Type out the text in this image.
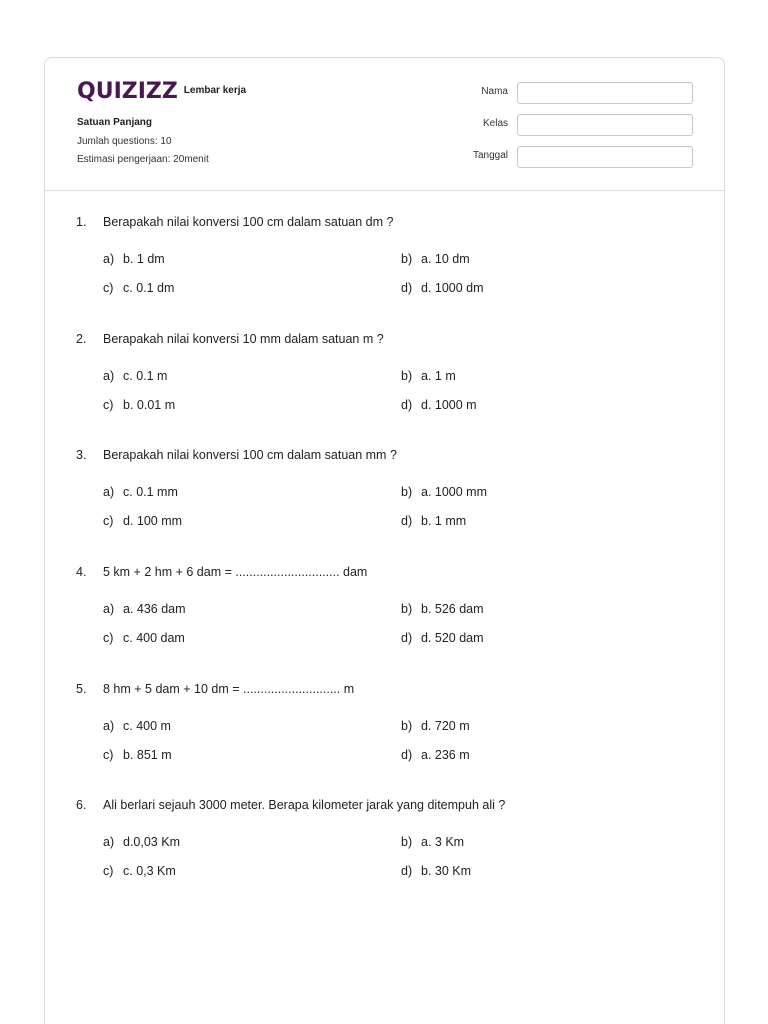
QUIZIZZ Lembar kerja
Satuan Panjang
Jumlah questions: 10
Estimasi pengerjaan: 20menit
Nama
Kelas
Tanggal
1. Berapakah nilai konversi 100 cm dalam satuan dm ?
a) b. 1 dm	b) a. 10 dm
c) c. 0.1 dm	d) d. 1000 dm
2. Berapakah nilai konversi 10 mm dalam satuan m ?
a) c. 0.1 m	b) a. 1 m
c) b. 0.01 m	d) d. 1000 m
3. Berapakah nilai konversi 100 cm dalam satuan mm ?
a) c. 0.1 mm	b) a. 1000 mm
c) d. 100 mm	d) b. 1 mm
4. 5 km + 2 hm + 6 dam = .............................. dam
a) a. 436 dam	b) b. 526 dam
c) c. 400 dam	d) d. 520 dam
5. 8 hm + 5 dam + 10 dm = ............................ m
a) c. 400 m	b) d. 720 m
c) b. 851 m	d) a. 236 m
6. Ali berlari sejauh 3000 meter. Berapa kilometer jarak yang ditempuh ali ?
a) d.0,03 Km	b) a. 3 Km
c) c. 0,3 Km	d) b. 30 Km
